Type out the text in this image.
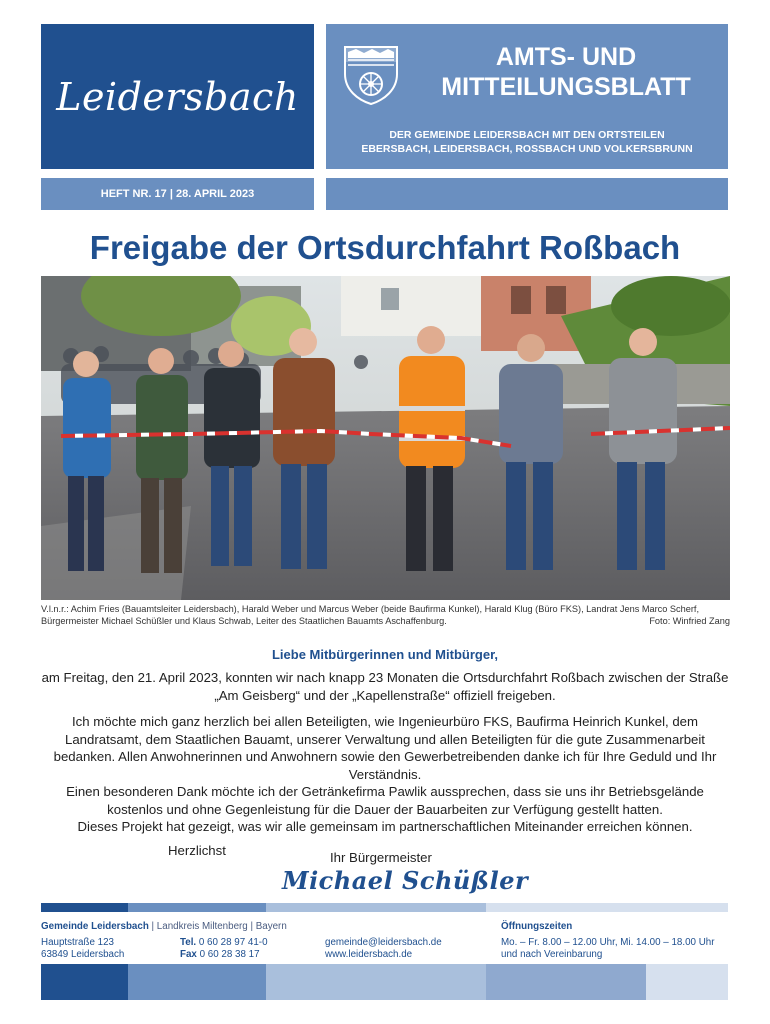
Leidersbach
AMTS- UND
MITTEILUNGSBLATT
DER GEMEINDE LEIDERSBACH MIT DEN ORTSTEILEN
EBERSBACH, LEIDERSBACH, ROSSBACH UND VOLKERSBRUNN
HEFT NR. 17 | 28. APRIL 2023
Freigabe der Ortsdurchfahrt Roßbach
V.l.n.r.: Achim Fries (Bauamtsleiter Leidersbach), Harald Weber und Marcus Weber (beide Baufirma Kunkel), Harald Klug (Büro FKS), Landrat Jens Marco Scherf,
Bürgermeister Michael Schüßler und Klaus Schwab, Leiter des Staatlichen Bauamts Aschaffenburg.	Foto: Winfried Zang
Liebe Mitbürgerinnen und Mitbürger,
am Freitag, den 21. April 2023, konnten wir nach knapp 23 Monaten die Ortsdurchfahrt Roßbach zwischen der Straße „Am Geisberg“ und der „Kapellenstraße“ offiziell freigeben.
Ich möchte mich ganz herzlich bei allen Beteiligten, wie Ingenieurbüro FKS, Baufirma Heinrich Kunkel, dem Landratsamt, dem Staatlichen Bauamt, unserer Verwaltung und allen Beteiligten für die gute Zusammenarbeit bedanken. Allen Anwohnerinnen und Anwohnern sowie den Gewerbetreibenden danke ich für Ihre Geduld und Ihr Verständnis.
Einen besonderen Dank möchte ich der Getränkefirma Pawlik aussprechen, dass sie uns ihr Betriebsgelände kostenlos und ohne Gegenleistung für die Dauer der Bauarbeiten zur Verfügung gestellt hatten.
Dieses Projekt hat gezeigt, was wir alle gemeinsam im partnerschaftlichen Miteinander erreichen können.
Herzlichst	Ihr Bürgermeister
Michael Schüßler
Gemeinde Leidersbach | Landkreis Miltenberg | Bayern
Hauptstraße 123
63849 Leidersbach
Tel. 0 60 28 97 41-0
Fax 0 60 28 38 17
gemeinde@leidersbach.de
www.leidersbach.de
Öffnungszeiten
Mo. – Fr. 8.00 – 12.00 Uhr, Mi. 14.00 – 18.00 Uhr
und nach Vereinbarung
